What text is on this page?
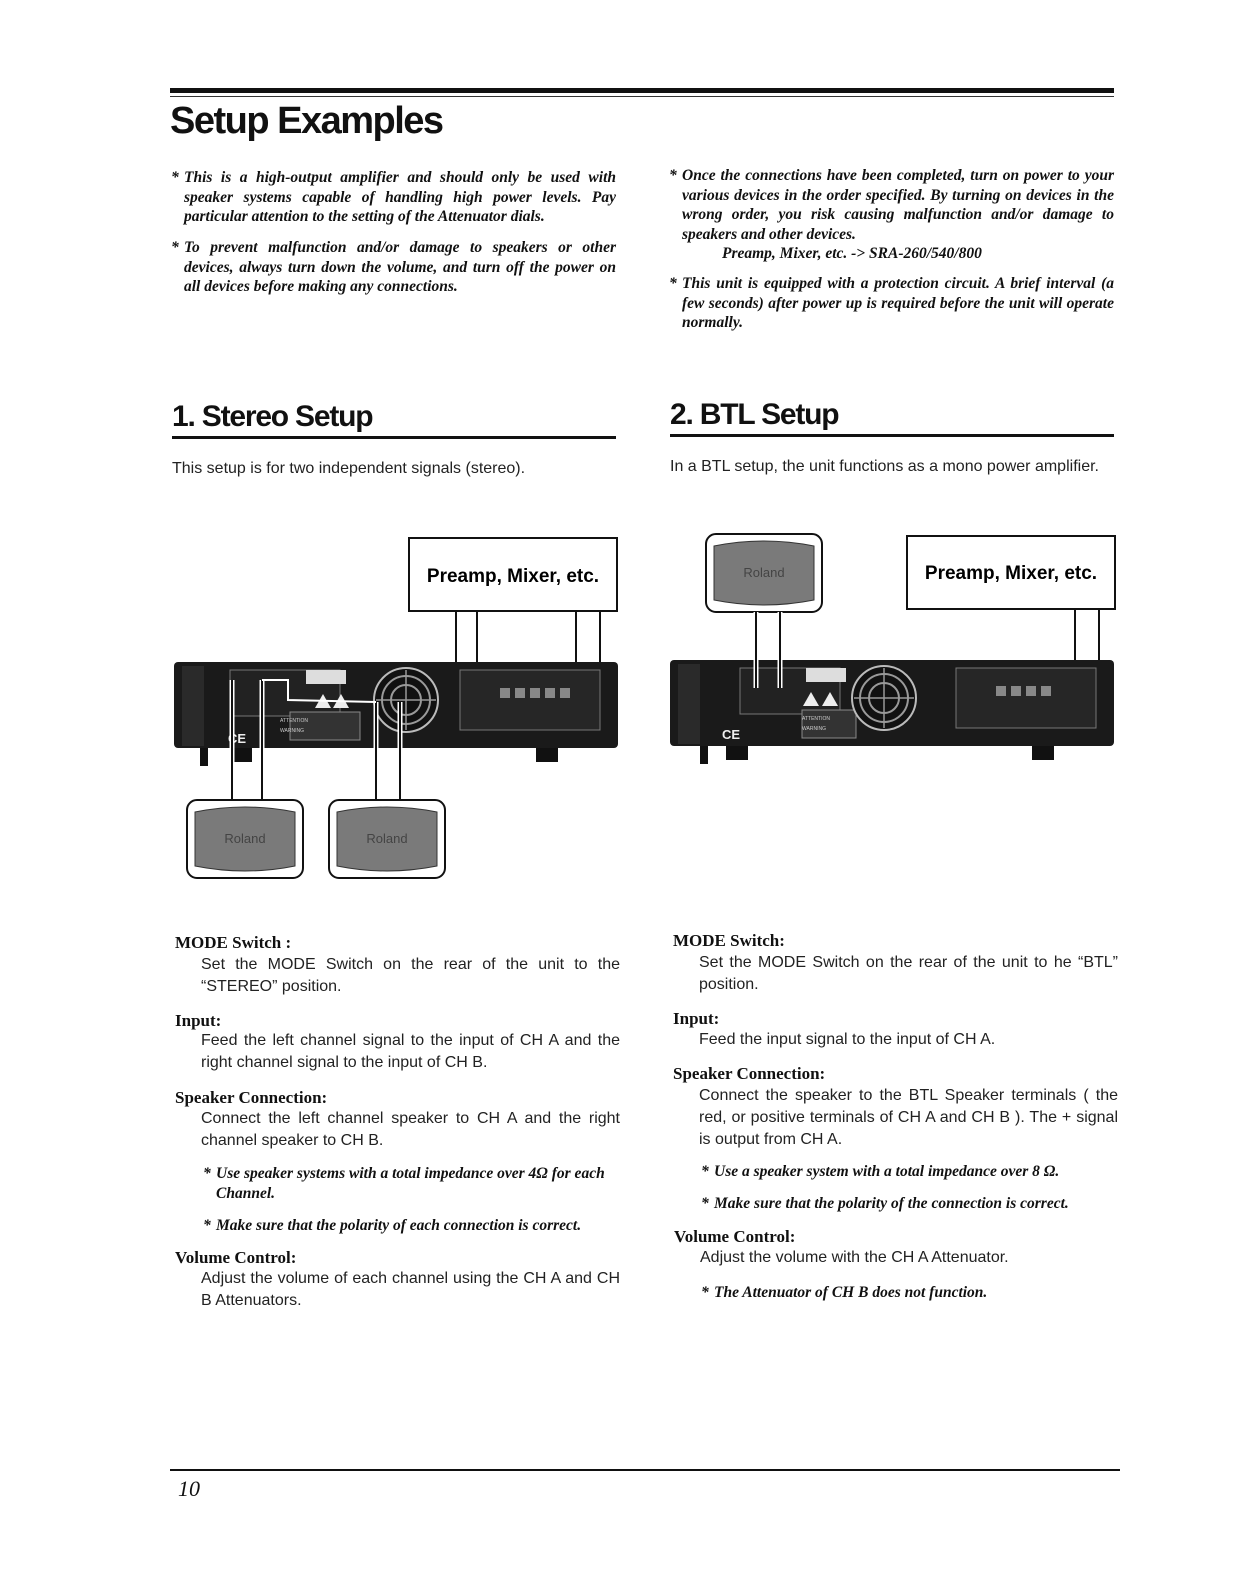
Setup Examples
* This is a high-output amplifier and should only be used with speaker systems capable of handling high power levels. Pay particular attention to the setting of the Attenuator dials.
* To prevent malfunction and/or damage to speakers or other devices, always turn down the volume, and turn off the power on all devices before making any connections.
* Once the connections have been completed, turn on power to your various devices in the order specified. By turning on devices in the wrong order, you risk causing malfunction and/or damage to speakers and other devices.
Preamp, Mixer, etc. -> SRA-260/540/800
* This unit is equipped with a protection circuit. A brief interval (a few seconds) after power up is required before the unit will operate normally.
1. Stereo Setup	2. BTL Setup

This setup is for two independent signals (stereo).	In a BTL setup, the unit functions as a mono power amplifier.

Preamp, Mixer, etc.
CE
ATTENTION
WARNING
Roland	Roland
Roland	Preamp, Mixer, etc.
CE
ATTENTION
WARNING
MODE Switch :

Set the MODE Switch on the rear of the unit to the “STEREO” position.

Input:

Feed the left channel signal to the input of CH A and the right channel signal to the input of CH B.

Speaker Connection:

Connect the left channel speaker to CH A and the right channel speaker to CH B.

* Use speaker systems with a total impedance over 4Ω for each Channel.
* Make sure that the polarity of each connection is correct.
Volume Control:

Adjust the volume of each channel using the CH A and CH B Attenuators.

MODE Switch:

Set the MODE Switch on the rear of the unit to he “BTL” position.

Input:

Feed the input signal to the input of CH A.

Speaker Connection:

Connect the speaker to the BTL Speaker terminals ( the red, or positive terminals of CH A and CH B ). The + signal is output from CH A.

* Use a speaker system with a total impedance over 8 Ω.
* Make sure that the polarity of the connection is correct.
Volume Control:

Adjust the volume with the CH A Attenuator.

* The Attenuator of CH B does not function.

10
